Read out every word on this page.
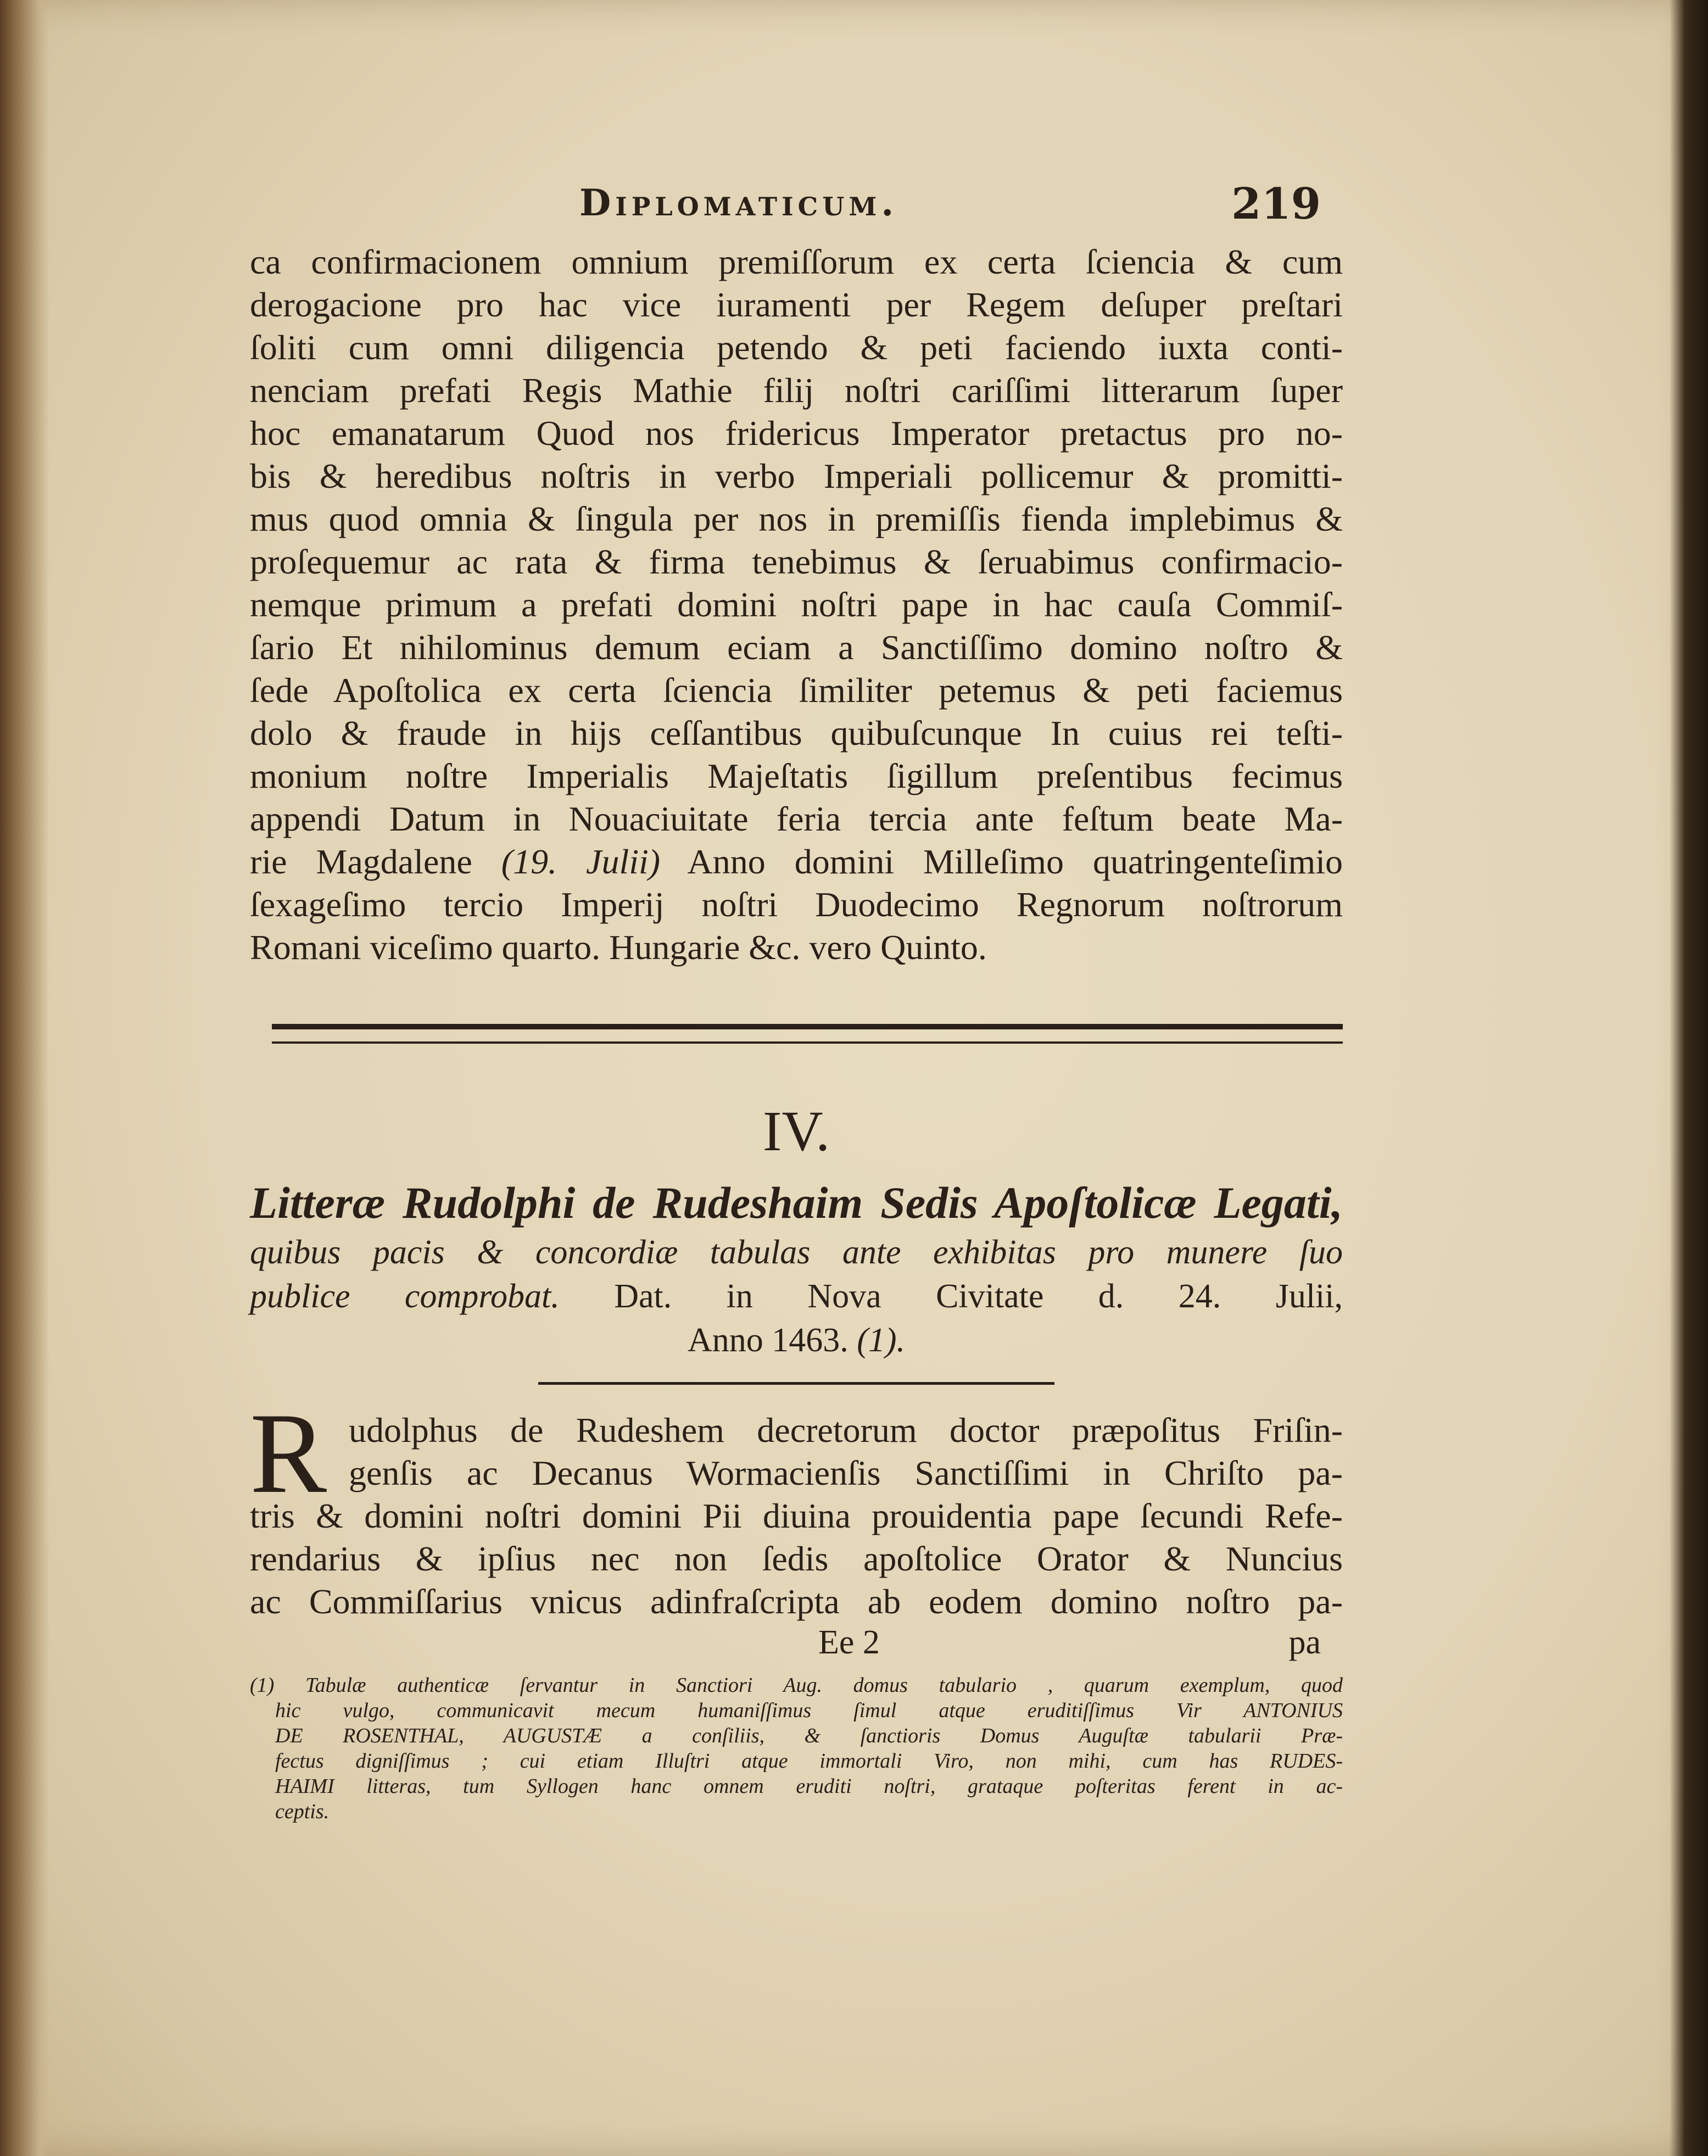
Diplomaticum.	219
ca confirmacionem omnium premiſſorum ex certa ſciencia & cum
derogacione pro hac vice iuramenti per Regem deſuper preſtari
ſoliti cum omni diligencia petendo & peti faciendo iuxta conti-
nenciam prefati Regis Mathie filij noſtri cariſſimi litterarum ſuper
hoc emanatarum Quod nos fridericus Imperator pretactus pro no-
bis & heredibus noſtris in verbo Imperiali pollicemur & promitti-
mus quod omnia & ſingula per nos in premiſſis fienda implebimus &
proſequemur ac rata & firma tenebimus & ſeruabimus confirmacio-
nemque primum a prefati domini noſtri pape in hac cauſa Commiſ-
ſario Et nihilominus demum eciam a Sanctiſſimo domino noſtro &
ſede Apoſtolica ex certa ſciencia ſimiliter petemus & peti faciemus
dolo & fraude in hijs ceſſantibus quibuſcunque In cuius rei teſti-
monium noſtre Imperialis Majeſtatis ſigillum preſentibus fecimus
appendi Datum in Nouaciuitate feria tercia ante feſtum beate Ma-
rie Magdalene (19. Julii) Anno domini Milleſimo quatringenteſimio
ſexageſimo tercio Imperij noſtri Duodecimo Regnorum noſtrorum
Romani viceſimo quarto. Hungarie &c. vero Quinto.
IV.
Litteræ Rudolphi de Rudeshaim Sedis Apoſtolicæ Legati,
quibus pacis & concordiæ tabulas ante exhibitas pro munere ſuo
publice comprobat. Dat. in Nova Civitate d. 24. Julii,
Anno 1463. (1).
R udolphus de Rudeshem decretorum doctor præpoſitus Friſin-
genſis ac Decanus Wormacienſis Sanctiſſimi in Chriſto pa-
tris & domini noſtri domini Pii diuina prouidentia pape ſecundi Refe-
rendarius & ipſius nec non ſedis apoſtolice Orator & Nuncius
ac Commiſſarius vnicus adinfraſcripta ab eodem domino noſtro pa-
Ee 2	pa
(1) Tabulæ authenticæ ſervantur in Sanctiori Aug. domus tabulario , quarum exemplum, quod
hic vulgo, communicavit mecum humaniſſimus ſimul atque eruditiſſimus Vir ANTONIUS
DE ROSENTHAL, AUGUSTÆ a conſiliis, & ſanctioris Domus Auguſtæ tabularii Præ-
fectus digniſſimus ; cui etiam Illuſtri atque immortali Viro, non mihi, cum has RUDES-
HAIMI litteras, tum Syllogen hanc omnem eruditi noſtri, grataque poſteritas ferent in ac-
ceptis.
